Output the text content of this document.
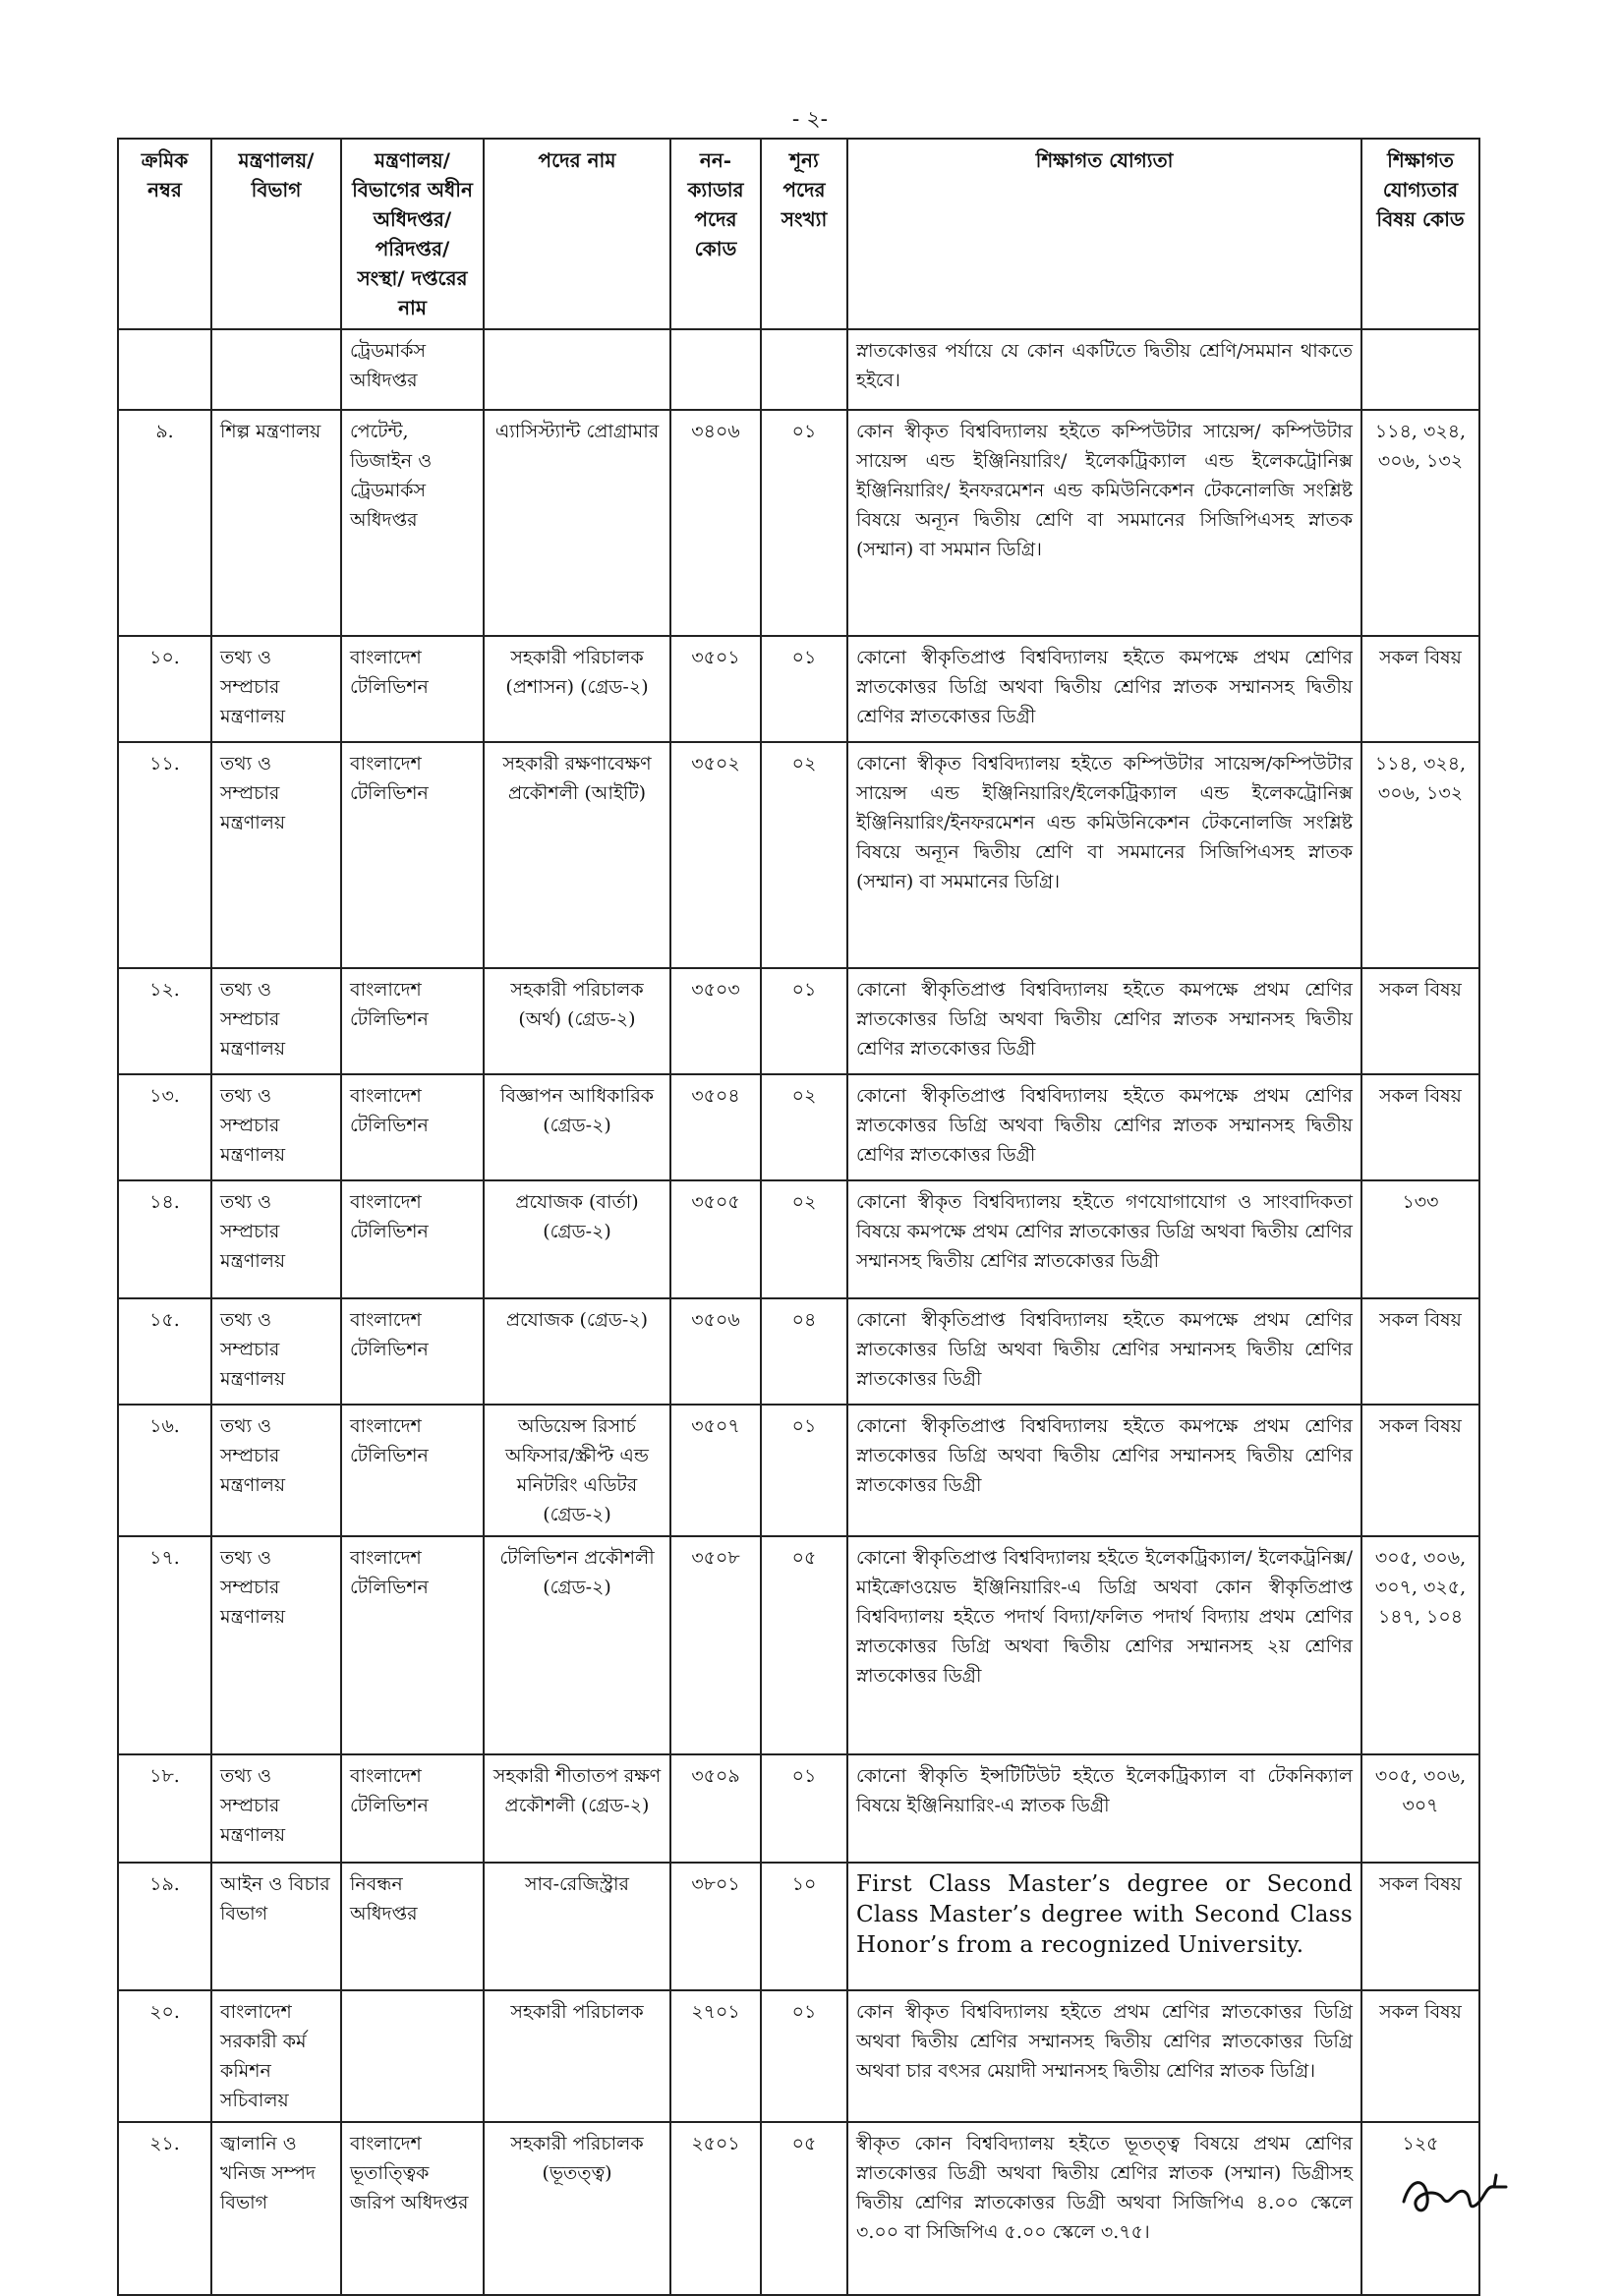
- ২-
ক্রমিক নম্বর	মন্ত্রণালয়/ বিভাগ	মন্ত্রণালয়/ বিভাগের অধীন অধিদপ্তর/ পরিদপ্তর/ সংস্থা/ দপ্তরের নাম	পদের নাম	নন- ক্যাডার পদের কোড	শূন্য পদের সংখ্যা	শিক্ষাগত যোগ্যতা	শিক্ষাগত যোগ্যতার বিষয় কোড
		ট্রেডমার্কস অধিদপ্তর				স্নাতকোত্তর পর্যায়ে যে কোন একটিতে দ্বিতীয় শ্রেণি/সমমান থাকতে হইবে।	
৯.	শিল্প মন্ত্রণালয়	পেটেন্ট, ডিজাইন ও ট্রেডমার্কস অধিদপ্তর	এ্যাসিস্ট্যান্ট প্রোগ্রামার	৩৪০৬	০১	কোন স্বীকৃত বিশ্ববিদ্যালয় হইতে কম্পিউটার সায়েন্স/ কম্পিউটার সায়েন্স এন্ড ইঞ্জিনিয়ারিং/ ইলেকট্রিক্যাল এন্ড ইলেকট্রোনিক্স ইঞ্জিনিয়ারিং/ ইনফরমেশন এন্ড কমিউনিকেশন টেকনোলজি সংশ্লিষ্ট বিষয়ে অন্যূন দ্বিতীয় শ্রেণি বা সমমানের সিজিপিএসহ স্নাতক (সম্মান) বা সমমান ডিগ্রি।	১১৪, ৩২৪, ৩০৬, ১৩২
১০.	তথ্য ও সম্প্রচার মন্ত্রণালয়	বাংলাদেশ টেলিভিশন	সহকারী পরিচালক (প্রশাসন) (গ্রেড-২)	৩৫০১	০১	কোনো স্বীকৃতিপ্রাপ্ত বিশ্ববিদ্যালয় হইতে কমপক্ষে প্রথম শ্রেণির স্নাতকোত্তর ডিগ্রি অথবা দ্বিতীয় শ্রেণির স্নাতক সম্মানসহ দ্বিতীয় শ্রেণির স্নাতকোত্তর ডিগ্রী	সকল বিষয়
১১.	তথ্য ও সম্প্রচার মন্ত্রণালয়	বাংলাদেশ টেলিভিশন	সহকারী রক্ষণাবেক্ষণ প্রকৌশলী (আইটি)	৩৫০২	০২	কোনো স্বীকৃত বিশ্ববিদ্যালয় হইতে কম্পিউটার সায়েন্স/কম্পিউটার সায়েন্স এন্ড ইঞ্জিনিয়ারিং/ইলেকট্রিক্যাল এন্ড ইলেকট্রোনিক্স ইঞ্জিনিয়ারিং/ইনফরমেশন এন্ড কমিউনিকেশন টেকনোলজি সংশ্লিষ্ট বিষয়ে অন্যূন দ্বিতীয় শ্রেণি বা সমমানের সিজিপিএসহ স্নাতক (সম্মান) বা সমমানের ডিগ্রি।	১১৪, ৩২৪, ৩০৬, ১৩২
১২.	তথ্য ও সম্প্রচার মন্ত্রণালয়	বাংলাদেশ টেলিভিশন	সহকারী পরিচালক (অর্থ) (গ্রেড-২)	৩৫০৩	০১	কোনো স্বীকৃতিপ্রাপ্ত বিশ্ববিদ্যালয় হইতে কমপক্ষে প্রথম শ্রেণির স্নাতকোত্তর ডিগ্রি অথবা দ্বিতীয় শ্রেণির স্নাতক সম্মানসহ দ্বিতীয় শ্রেণির স্নাতকোত্তর ডিগ্রী	সকল বিষয়
১৩.	তথ্য ও সম্প্রচার মন্ত্রণালয়	বাংলাদেশ টেলিভিশন	বিজ্ঞাপন আধিকারিক (গ্রেড-২)	৩৫০৪	০২	কোনো স্বীকৃতিপ্রাপ্ত বিশ্ববিদ্যালয় হইতে কমপক্ষে প্রথম শ্রেণির স্নাতকোত্তর ডিগ্রি অথবা দ্বিতীয় শ্রেণির স্নাতক সম্মানসহ দ্বিতীয় শ্রেণির স্নাতকোত্তর ডিগ্রী	সকল বিষয়
১৪.	তথ্য ও সম্প্রচার মন্ত্রণালয়	বাংলাদেশ টেলিভিশন	প্রযোজক (বার্তা) (গ্রেড-২)	৩৫০৫	০২	কোনো স্বীকৃত বিশ্ববিদ্যালয় হইতে গণযোগাযোগ ও সাংবাদিকতা বিষয়ে কমপক্ষে প্রথম শ্রেণির স্নাতকোত্তর ডিগ্রি অথবা দ্বিতীয় শ্রেণির সম্মানসহ দ্বিতীয় শ্রেণির স্নাতকোত্তর ডিগ্রী	১৩৩
১৫.	তথ্য ও সম্প্রচার মন্ত্রণালয়	বাংলাদেশ টেলিভিশন	প্রযোজক (গ্রেড-২)	৩৫০৬	০৪	কোনো স্বীকৃতিপ্রাপ্ত বিশ্ববিদ্যালয় হইতে কমপক্ষে প্রথম শ্রেণির স্নাতকোত্তর ডিগ্রি অথবা দ্বিতীয় শ্রেণির সম্মানসহ দ্বিতীয় শ্রেণির স্নাতকোত্তর ডিগ্রী	সকল বিষয়
১৬.	তথ্য ও সম্প্রচার মন্ত্রণালয়	বাংলাদেশ টেলিভিশন	অডিয়েন্স রিসার্চ অফিসার/স্ক্রীপ্ট এন্ড মনিটরিং এডিটর (গ্রেড-২)	৩৫০৭	০১	কোনো স্বীকৃতিপ্রাপ্ত বিশ্ববিদ্যালয় হইতে কমপক্ষে প্রথম শ্রেণির স্নাতকোত্তর ডিগ্রি অথবা দ্বিতীয় শ্রেণির সম্মানসহ দ্বিতীয় শ্রেণির স্নাতকোত্তর ডিগ্রী	সকল বিষয়
১৭.	তথ্য ও সম্প্রচার মন্ত্রণালয়	বাংলাদেশ টেলিভিশন	টেলিভিশন প্রকৌশলী (গ্রেড-২)	৩৫০৮	০৫	কোনো স্বীকৃতিপ্রাপ্ত বিশ্ববিদ্যালয় হইতে ইলেকট্রিক্যাল/ ইলেকট্রনিক্স/মাইক্রোওয়েভ ইঞ্জিনিয়ারিং-এ ডিগ্রি অথবা কোন স্বীকৃতিপ্রাপ্ত বিশ্ববিদ্যালয় হইতে পদার্থ বিদ্যা/ফলিত পদার্থ বিদ্যায় প্রথম শ্রেণির স্নাতকোত্তর ডিগ্রি অথবা দ্বিতীয় শ্রেণির সম্মানসহ ২য় শ্রেণির স্নাতকোত্তর ডিগ্রী	৩০৫, ৩০৬, ৩০৭, ৩২৫, ১৪৭, ১০৪
১৮.	তথ্য ও সম্প্রচার মন্ত্রণালয়	বাংলাদেশ টেলিভিশন	সহকারী শীতাতপ রক্ষণ প্রকৌশলী (গ্রেড-২)	৩৫০৯	০১	কোনো স্বীকৃতি ইন্সটিটিউট হইতে ইলেকট্রিক্যাল বা টেকনিক্যাল বিষয়ে ইঞ্জিনিয়ারিং-এ স্নাতক ডিগ্রী	৩০৫, ৩০৬, ৩০৭
১৯.	আইন ও বিচার বিভাগ	নিবন্ধন অধিদপ্তর	সাব-রেজিস্ট্রার	৩৮০১	১০	First Class Master’s degree or Second Class Master’s degree with Second Class Honor’s from a recognized University.	সকল বিষয়
২০.	বাংলাদেশ সরকারী কর্ম কমিশন সচিবালয়		সহকারী পরিচালক	২৭০১	০১	কোন স্বীকৃত বিশ্ববিদ্যালয় হইতে প্রথম শ্রেণির স্নাতকোত্তর ডিগ্রি অথবা দ্বিতীয় শ্রেণির সম্মানসহ দ্বিতীয় শ্রেণির স্নাতকোত্তর ডিগ্রি অথবা চার বৎসর মেয়াদী সম্মানসহ দ্বিতীয় শ্রেণির স্নাতক ডিগ্রি।	সকল বিষয়
২১.	জ্বালানি ও খনিজ সম্পদ বিভাগ	বাংলাদেশ ভূতাত্ত্বিক জরিপ অধিদপ্তর	সহকারী পরিচালক (ভূতত্ত্ব)	২৫০১	০৫	স্বীকৃত কোন বিশ্ববিদ্যালয় হইতে ভূতত্ত্ব বিষয়ে প্রথম শ্রেণির স্নাতকোত্তর ডিগ্রী অথবা দ্বিতীয় শ্রেণির স্নাতক (সম্মান) ডিগ্রীসহ দ্বিতীয় শ্রেণির স্নাতকোত্তর ডিগ্রী অথবা সিজিপিএ ৪.০০ স্কেলে ৩.০০ বা সিজিপিএ ৫.০০ স্কেলে ৩.৭৫।	১২৫
